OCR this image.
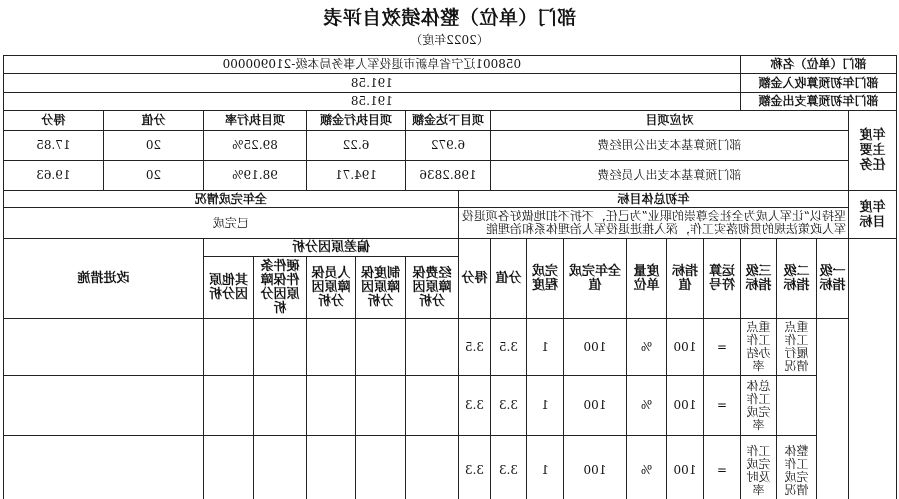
部门（单位）整体绩效自评表
（2022年度）
部门（单位）名称				058001辽宁省阜新市退役军人事务局本级-210900000													
部门年初预算收入金额				191.58													
部门年初预算支出金额				191.58													

年度主要任务	对应项目									项目下达金额		项目执行金额		项目执行率		分值	得分
	部门预算基本支出公用经费									6.972		6.22		89.25%		20	17.85
	部门预算基本支出人员经费									198.2836		194.71		98.19%		20	19.63

年度目标	年初总体目标										全年完成情况						

	坚持以“让军人成为全社会尊崇的职业”为己任，不折不扣地做好各项退役军人政策法规的贯彻落实工作，深入推进退役军人治理体系和治理能										已完成						
	一级指标	二级指标	三级指标	运算符号	指标值	度量单位	全年完成值	完成程度	分值	得分	偏差原因分析					改进措施	
											经费保障原因分析	制度保障原因分析	人员保障原因分析	硬件条件保障原因分析	其他原因分析		
		重点工作履行情况	重点工作办结率	=	100	%	100	1	3.5	3.5							
			总体工作完成率	=	100	%	100	1	3.3	3.3							
		整体工作完成情况	工作完成及时率	=	100	%	100	1	3.3	3.3							
